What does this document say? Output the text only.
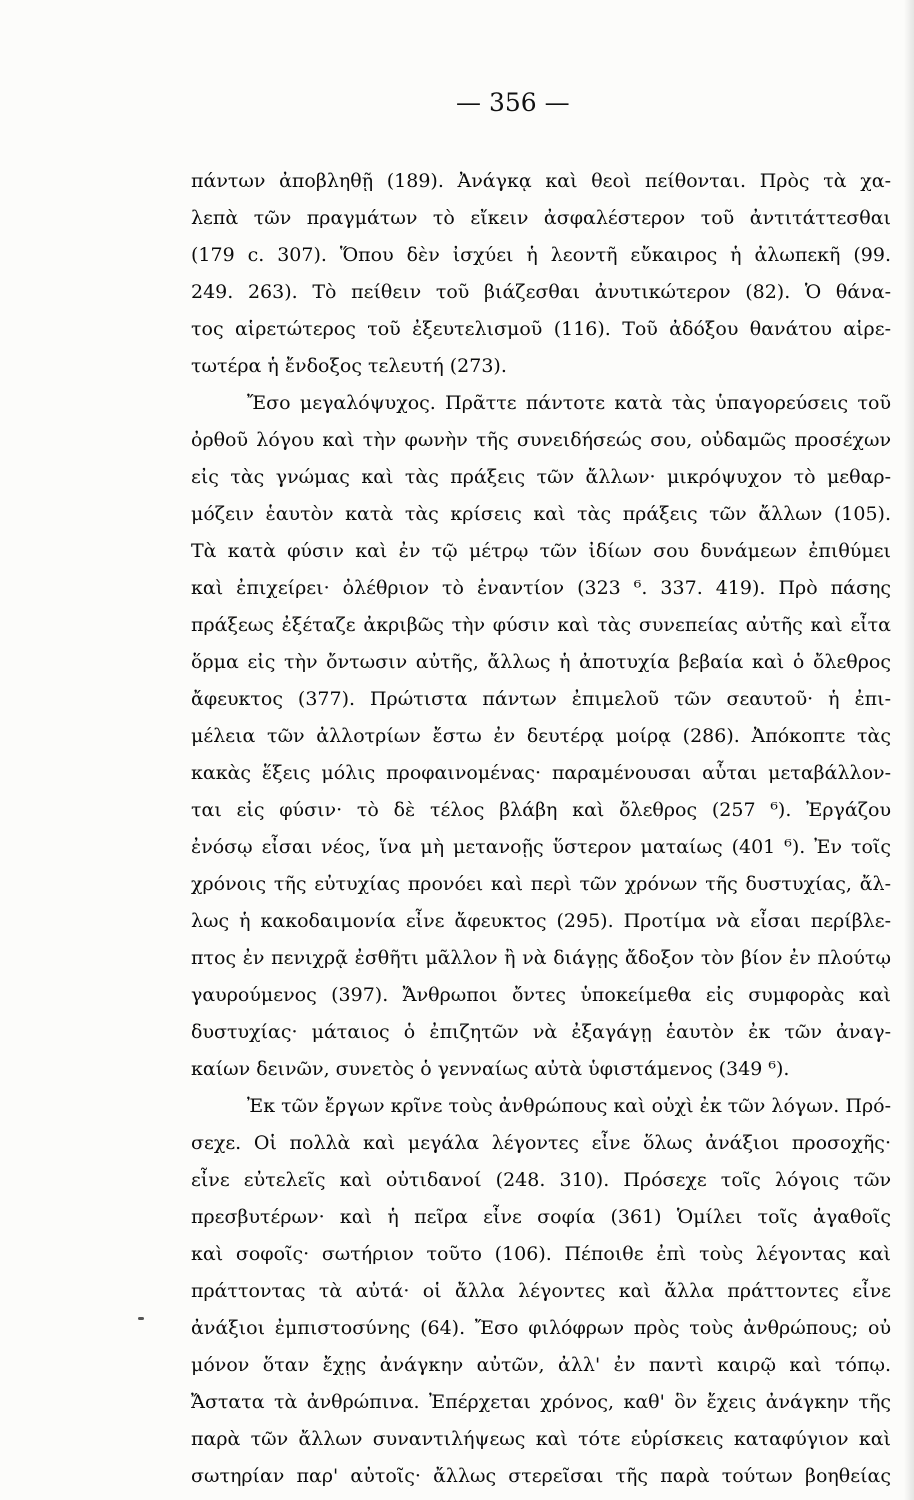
— 356 —
πάντων ἀποβληθῇ (189). Ἀνάγκᾳ καὶ θεοὶ πείθονται. Πρὸς τὰ χα-
λεπὰ τῶν πραγμάτων τὸ εἴκειν ἀσφαλέστερον τοῦ ἀντιτάττεσθαι
(179 c. 307). Ὅπου δὲν ἰσχύει ἡ λεοντῆ εὔκαιρος ἡ ἀλωπεκῆ (99.
249. 263). Τὸ πείθειν τοῦ βιάζεσθαι ἀνυτικώτερον (82). Ὁ θάνα-
τος αἱρετώτερος τοῦ ἐξευτελισμοῦ (116). Τοῦ ἀδόξου θανάτου αἱρε-
τωτέρα ἡ ἔνδοξος τελευτή (273).
Ἔσο μεγαλόψυχος. Πρᾶττε πάντοτε κατὰ τὰς ὑπαγορεύσεις τοῦ
ὀρθοῦ λόγου καὶ τὴν φωνὴν τῆς συνειδήσεώς σου, οὐδαμῶς προσέχων
εἰς τὰς γνώμας καὶ τὰς πράξεις τῶν ἄλλων· μικρόψυχον τὸ μεθαρ-
μόζειν ἑαυτὸν κατὰ τὰς κρίσεις καὶ τὰς πράξεις τῶν ἄλλων (105).
Τὰ κατὰ φύσιν καὶ ἐν τῷ μέτρῳ τῶν ἰδίων σου δυνάμεων ἐπιθύμει
καὶ ἐπιχείρει· ὀλέθριον τὸ ἐναντίον (323 ⁶. 337. 419). Πρὸ πάσης
πράξεως ἐξέταζε ἀκριβῶς τὴν φύσιν καὶ τὰς συνεπείας αὐτῆς καὶ εἶτα
ὅρμα εἰς τὴν ὄντωσιν αὐτῆς, ἄλλως ἡ ἀποτυχία βεβαία καὶ ὁ ὄλεθρος
ἄφευκτος (377). Πρώτιστα πάντων ἐπιμελοῦ τῶν σεαυτοῦ· ἡ ἐπι-
μέλεια τῶν ἀλλοτρίων ἔστω ἐν δευτέρᾳ μοίρᾳ (286). Ἀπόκοπτε τὰς
κακὰς ἕξεις μόλις προφαινομένας· παραμένουσαι αὗται μεταβάλλον-
ται εἰς φύσιν· τὸ δὲ τέλος βλάβη καὶ ὄλεθρος (257 ⁶). Ἐργάζου
ἐνόσῳ εἶσαι νέος, ἵνα μὴ μετανοῇς ὕστερον ματαίως (401 ⁶). Ἐν τοῖς
χρόνοις τῆς εὐτυχίας προνόει καὶ περὶ τῶν χρόνων τῆς δυστυχίας, ἄλ-
λως ἡ κακοδαιμονία εἶνε ἄφευκτος (295). Προτίμα νὰ εἶσαι περίβλε-
πτος ἐν πενιχρᾷ ἐσθῆτι μᾶλλον ἢ νὰ διάγῃς ἄδοξον τὸν βίον ἐν πλούτῳ
γαυρούμενος (397). Ἄνθρωποι ὄντες ὑποκείμεθα εἰς συμφορὰς καὶ
δυστυχίας· μάταιος ὁ ἐπιζητῶν νὰ ἐξαγάγῃ ἑαυτὸν ἐκ τῶν ἀναγ-
καίων δεινῶν, συνετὸς ὁ γενναίως αὐτὰ ὑφιστάμενος (349 ⁶).
Ἐκ τῶν ἔργων κρῖνε τοὺς ἀνθρώπους καὶ οὐχὶ ἐκ τῶν λόγων. Πρό-
σεχε. Οἱ πολλὰ καὶ μεγάλα λέγοντες εἶνε ὅλως ἀνάξιοι προσοχῆς·
εἶνε εὐτελεῖς καὶ οὐτιδανοί (248. 310). Πρόσεχε τοῖς λόγοις τῶν
πρεσβυτέρων· καὶ ἡ πεῖρα εἶνε σοφία (361) Ὁμίλει τοῖς ἀγαθοῖς
καὶ σοφοῖς· σωτήριον τοῦτο (106). Πέποιθε ἐπὶ τοὺς λέγοντας καὶ
πράττοντας τὰ αὐτά· οἱ ἄλλα λέγοντες καὶ ἄλλα πράττοντες εἶνε
ἀνάξιοι ἐμπιστοσύνης (64). Ἔσο φιλόφρων πρὸς τοὺς ἀνθρώπους; οὐ
μόνον ὅταν ἔχῃς ἀνάγκην αὐτῶν, ἀλλ' ἐν παντὶ καιρῷ καὶ τόπῳ.
Ἄστατα τὰ ἀνθρώπινα. Ἐπέρχεται χρόνος, καθ' ὃν ἔχεις ἀνάγκην τῆς
παρὰ τῶν ἄλλων συναντιλήψεως καὶ τότε εὑρίσκεις καταφύγιον καὶ
σωτηρίαν παρ' αὐτοῖς· ἄλλως στερεῖσαι τῆς παρὰ τούτων βοηθείας
